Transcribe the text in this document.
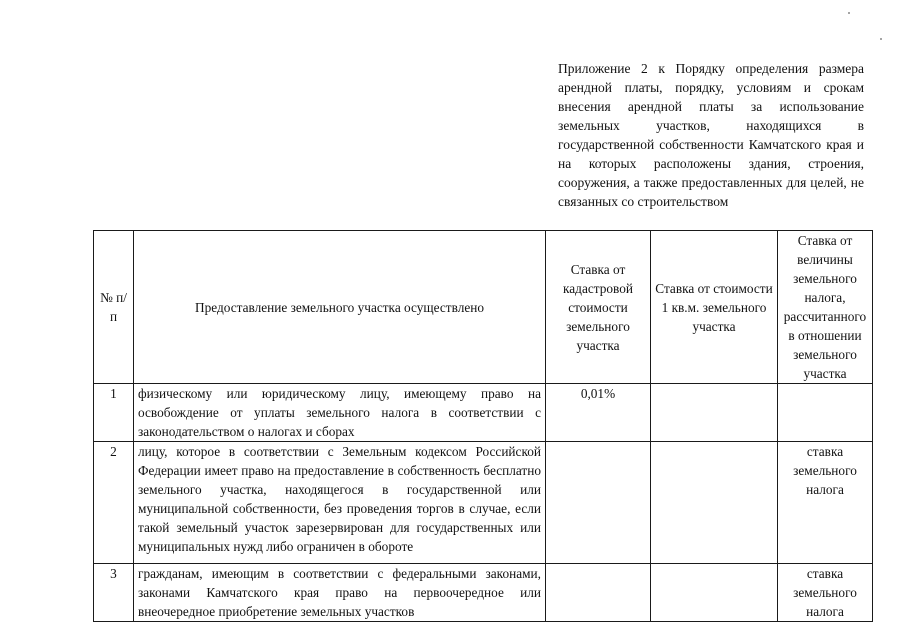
Приложение 2 к Порядку определения размера арендной платы, порядку, условиям и срокам внесения арендной платы за использование земельных участков, находящихся в государственной собственности Камчатского края и на которых расположены здания, строения, сооружения, а также предоставленных для целей, не связанных со строительством

№ п/п	Предоставление земельного участка осуществлено	Ставка от кадастровой стоимости земельного участка	Ставка от стоимости 1 кв.м. земельного участка	Ставка от величины земельного налога, рассчитанного в отношении земельного участка
1	физическому или юридическому лицу, имеющему право на освобождение от уплаты земельного налога в соответствии с законодательством о налогах и сборах	0,01%		
2	лицу, которое в соответствии с Земельным кодексом Российской Федерации имеет право на предоставление в собственность бесплатно земельного участка, находящегося в государственной или муниципальной собственности, без проведения торгов в случае, если такой земельный участок зарезервирован для государственных или муниципальных нужд либо ограничен в обороте			ставка земельного налога
3	гражданам, имеющим в соответствии с федеральными законами, законами Камчатского края право на первоочередное или внеочередное приобретение земельных участков			ставка земельного налога
